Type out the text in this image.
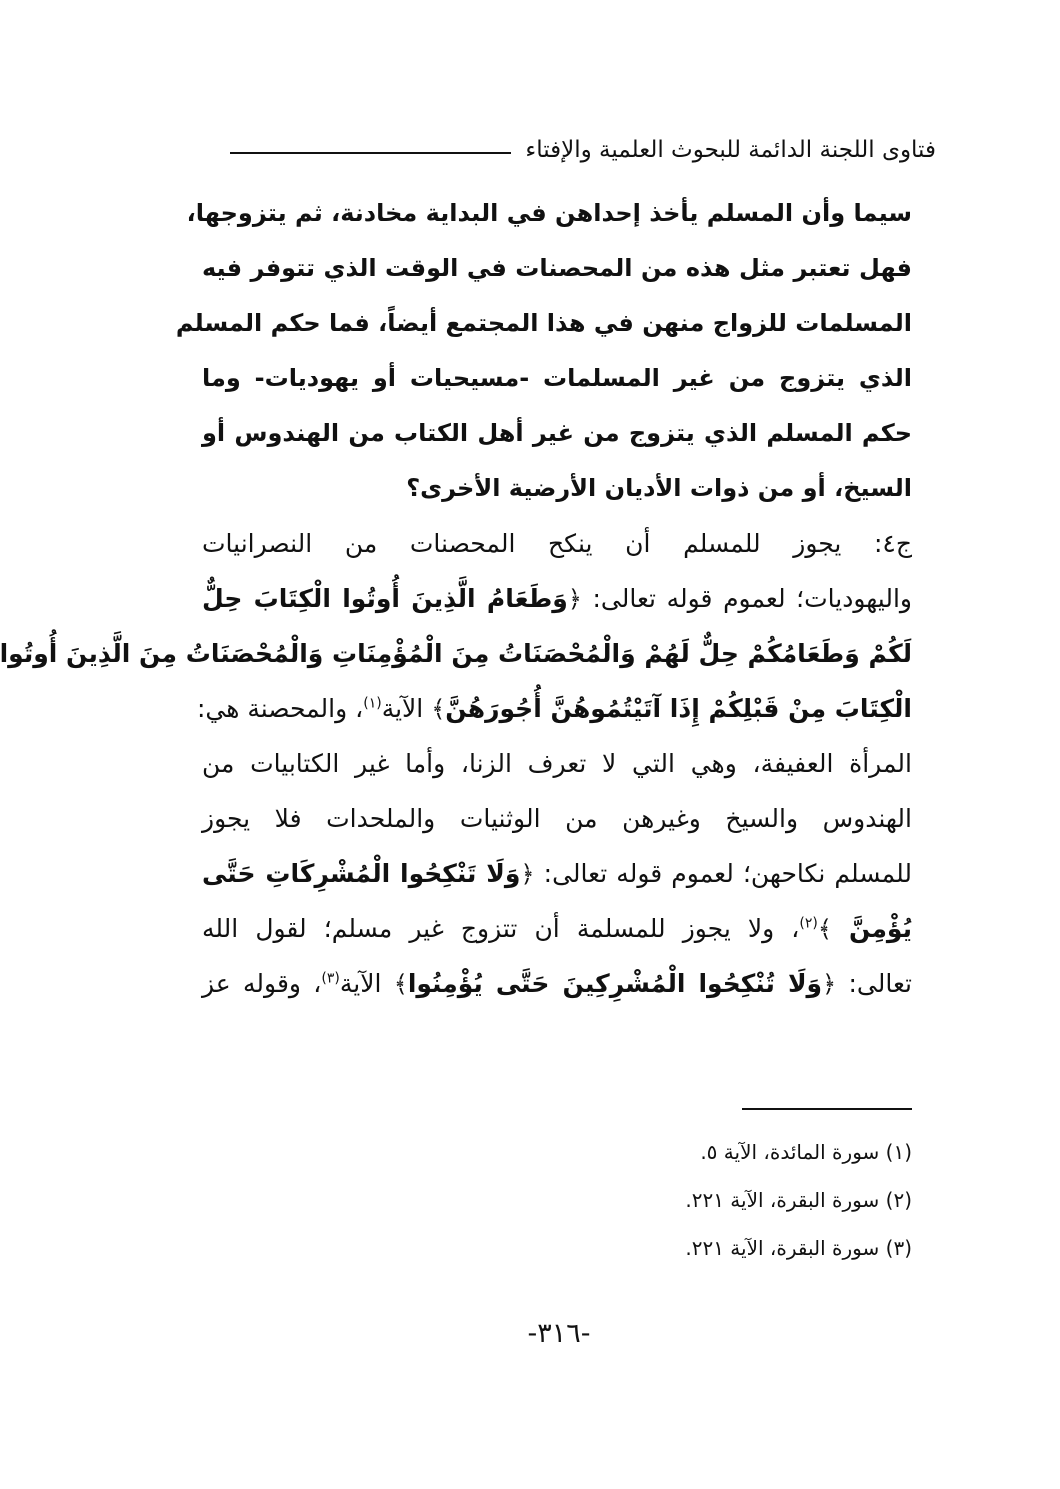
فتاوى اللجنة الدائمة للبحوث العلمية والإفتاء
سيما وأن المسلم يأخذ إحداهن في البداية مخادنة، ثم يتزوجها،
فهل تعتبر مثل هذه من المحصنات في الوقت الذي تتوفر فيه
المسلمات للزواج منهن في هذا المجتمع أيضاً، فما حكم المسلم
الذي يتزوج من غير المسلمات -مسيحيات أو يهوديات- وما
حكم المسلم الذي يتزوج من غير أهل الكتاب من الهندوس أو
السيخ، أو من ذوات الأديان الأرضية الأخرى؟
ج٤: يجوز للمسلم أن ينكح المحصنات من النصرانيات
واليهوديات؛ لعموم قوله تعالى: ﴿وَطَعَامُ الَّذِينَ أُوتُوا الْكِتَابَ حِلٌّ
لَكُمْ وَطَعَامُكُمْ حِلٌّ لَهُمْ وَالْمُحْصَنَاتُ مِنَ الْمُؤْمِنَاتِ وَالْمُحْصَنَاتُ مِنَ الَّذِينَ أُوتُوا
الْكِتَابَ مِنْ قَبْلِكُمْ إِذَا آتَيْتُمُوهُنَّ أُجُورَهُنَّ﴾ الآية$^{(١)}$، والمحصنة هي:
المرأة العفيفة، وهي التي لا تعرف الزنا، وأما غير الكتابيات من
الهندوس والسيخ وغيرهن من الوثنيات والملحدات فلا يجوز
للمسلم نكاحهن؛ لعموم قوله تعالى: ﴿وَلَا تَنْكِحُوا الْمُشْرِكَاتِ حَتَّى
يُؤْمِنَّ ﴾$^{(٢)}$، ولا يجوز للمسلمة أن تتزوج غير مسلم؛ لقول الله
تعالى: ﴿وَلَا تُنْكِحُوا الْمُشْرِكِينَ حَتَّى يُؤْمِنُوا﴾ الآية$^{(٣)}$، وقوله عز
(١) سورة المائدة، الآية ٥.
(٢) سورة البقرة، الآية ٢٢١.
(٣) سورة البقرة، الآية ٢٢١.
-٣١٦-
